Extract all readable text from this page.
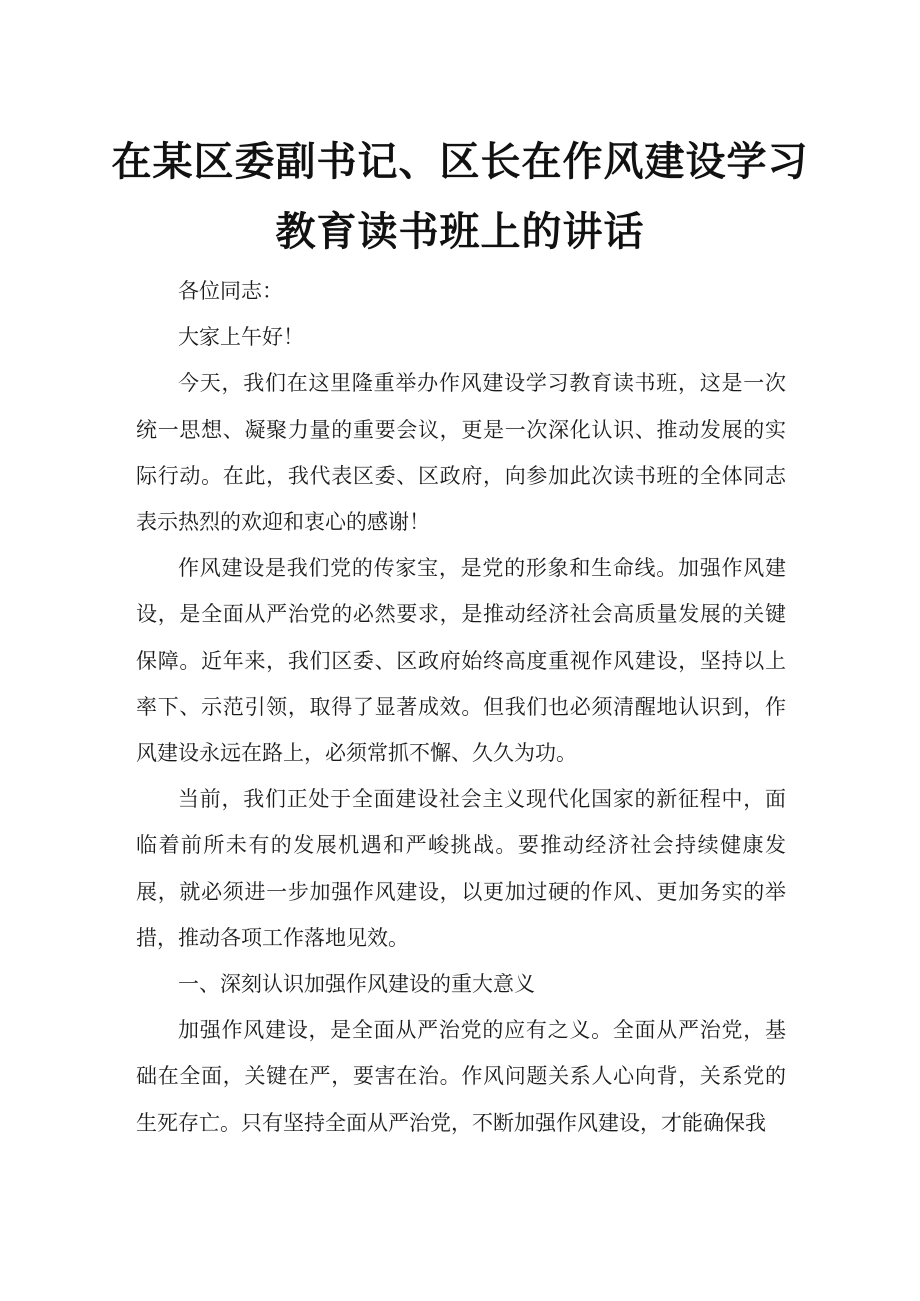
在某区委副书记、区长在作风建设学习
教育读书班上的讲话

各位同志：

大家上午好！

今天，我们在这里隆重举办作风建设学习教育读书班，这是一次统一思想、凝聚力量的重要会议，更是一次深化认识、推动发展的实际行动。在此，我代表区委、区政府，向参加此次读书班的全体同志表示热烈的欢迎和衷心的感谢！

作风建设是我们党的传家宝，是党的形象和生命线。加强作风建设，是全面从严治党的必然要求，是推动经济社会高质量发展的关键保障。近年来，我们区委、区政府始终高度重视作风建设，坚持以上率下、示范引领，取得了显著成效。但我们也必须清醒地认识到，作风建设永远在路上，必须常抓不懈、久久为功。

当前，我们正处于全面建设社会主义现代化国家的新征程中，面临着前所未有的发展机遇和严峻挑战。要推动经济社会持续健康发展，就必须进一步加强作风建设，以更加过硬的作风、更加务实的举措，推动各项工作落地见效。

一、深刻认识加强作风建设的重大意义

加强作风建设，是全面从严治党的应有之义。全面从严治党，基础在全面，关键在严，要害在治。作风问题关系人心向背，关系党的生死存亡。只有坚持全面从严治党，不断加强作风建设，才能确保我
